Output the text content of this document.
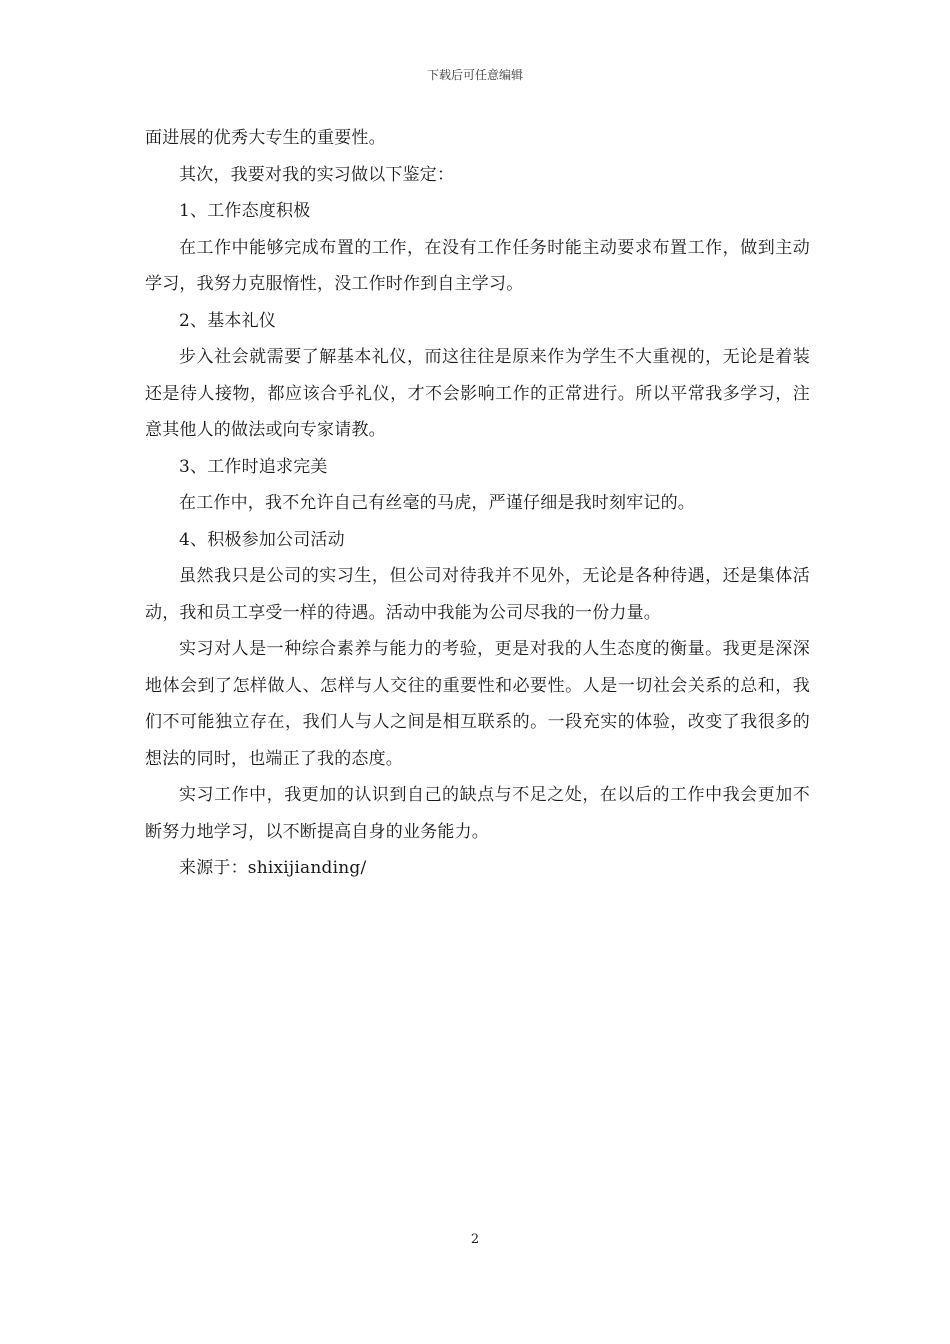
下载后可任意编辑

面进展的优秀大专生的重要性。

其次，我要对我的实习做以下鉴定：

1、工作态度积极

在工作中能够完成布置的工作，在没有工作任务时能主动要求布置工作，做到主动学习，我努力克服惰性，没工作时作到自主学习。

2、基本礼仪

步入社会就需要了解基本礼仪，而这往往是原来作为学生不大重视的，无论是着装还是待人接物，都应该合乎礼仪，才不会影响工作的正常进行。所以平常我多学习，注意其他人的做法或向专家请教。

3、工作时追求完美

在工作中，我不允许自己有丝毫的马虎，严谨仔细是我时刻牢记的。

4、积极参加公司活动

虽然我只是公司的实习生，但公司对待我并不见外，无论是各种待遇，还是集体活动，我和员工享受一样的待遇。活动中我能为公司尽我的一份力量。

实习对人是一种综合素养与能力的考验，更是对我的人生态度的衡量。我更是深深地体会到了怎样做人、怎样与人交往的重要性和必要性。人是一切社会关系的总和，我们不可能独立存在，我们人与人之间是相互联系的。一段充实的体验，改变了我很多的想法的同时，也端正了我的态度。

实习工作中，我更加的认识到自己的缺点与不足之处，在以后的工作中我会更加不断努力地学习，以不断提高自身的业务能力。

来源于：shixijianding/

2
